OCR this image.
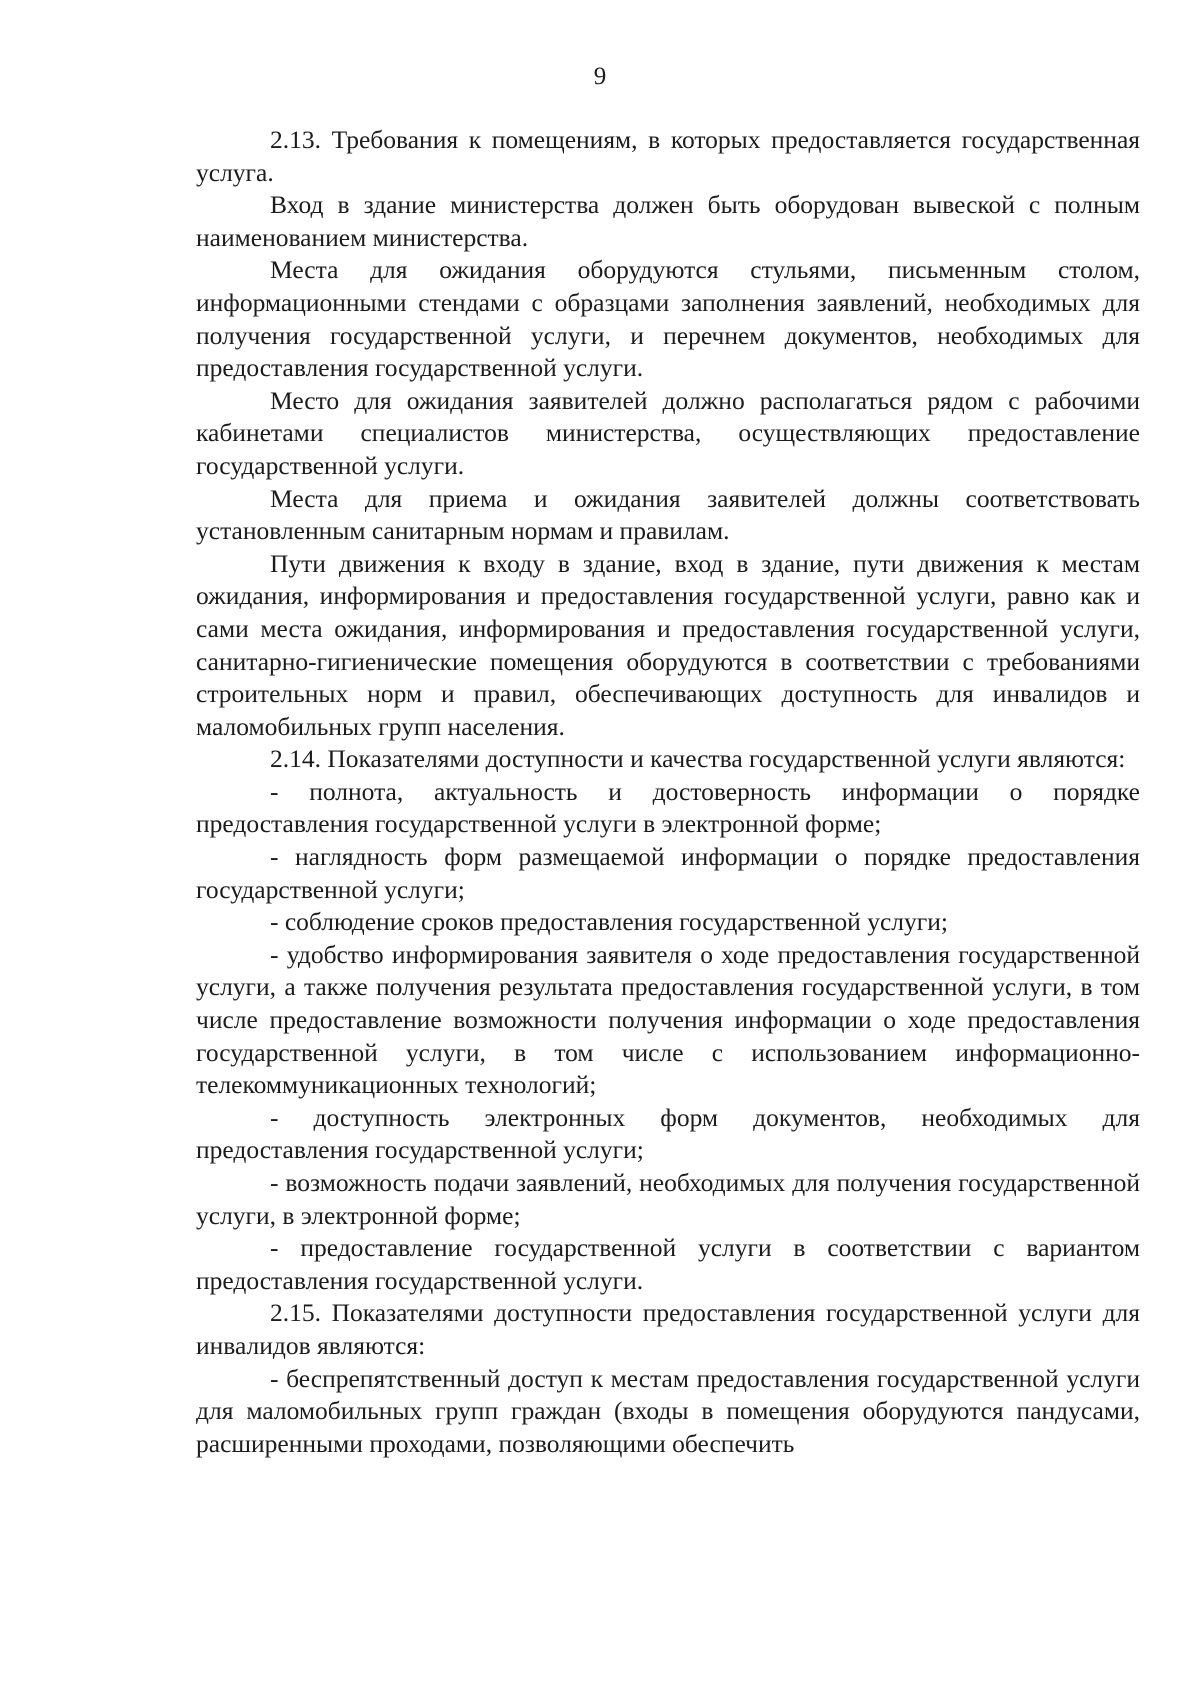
9

2.13. Требования к помещениям, в которых предоставляется государственная услуга.

Вход в здание министерства должен быть оборудован вывеской с полным наименованием министерства.

Места для ожидания оборудуются стульями, письменным столом, информационными стендами с образцами заполнения заявлений, необходимых для получения государственной услуги, и перечнем документов, необходимых для предоставления государственной услуги.

Место для ожидания заявителей должно располагаться рядом с рабочими кабинетами специалистов министерства, осуществляющих предоставление государственной услуги.

Места для приема и ожидания заявителей должны соответствовать установленным санитарным нормам и правилам.

Пути движения к входу в здание, вход в здание, пути движения к местам ожидания, информирования и предоставления государственной услуги, равно как и сами места ожидания, информирования и предоставления государственной услуги, санитарно-гигиенические помещения оборудуются в соответствии с требованиями строительных норм и правил, обеспечивающих доступность для инвалидов и маломобильных групп населения.

2.14. Показателями доступности и качества государственной услуги являются:

- полнота, актуальность и достоверность информации о порядке предоставления государственной услуги в электронной форме;

- наглядность форм размещаемой информации о порядке предоставления государственной услуги;

- соблюдение сроков предоставления государственной услуги;

- удобство информирования заявителя о ходе предоставления государственной услуги, а также получения результата предоставления государственной услуги, в том числе предоставление возможности получения информации о ходе предоставления государственной услуги, в том числе с использованием информационно-телекоммуникационных технологий;

- доступность электронных форм документов, необходимых для предоставления государственной услуги;

- возможность подачи заявлений, необходимых для получения государственной услуги, в электронной форме;

- предоставление государственной услуги в соответствии с вариантом предоставления государственной услуги.

2.15. Показателями доступности предоставления государственной услуги для инвалидов являются:

- беспрепятственный доступ к местам предоставления государственной услуги для маломобильных групп граждан (входы в помещения оборудуются пандусами, расширенными проходами, позволяющими обеспечить
